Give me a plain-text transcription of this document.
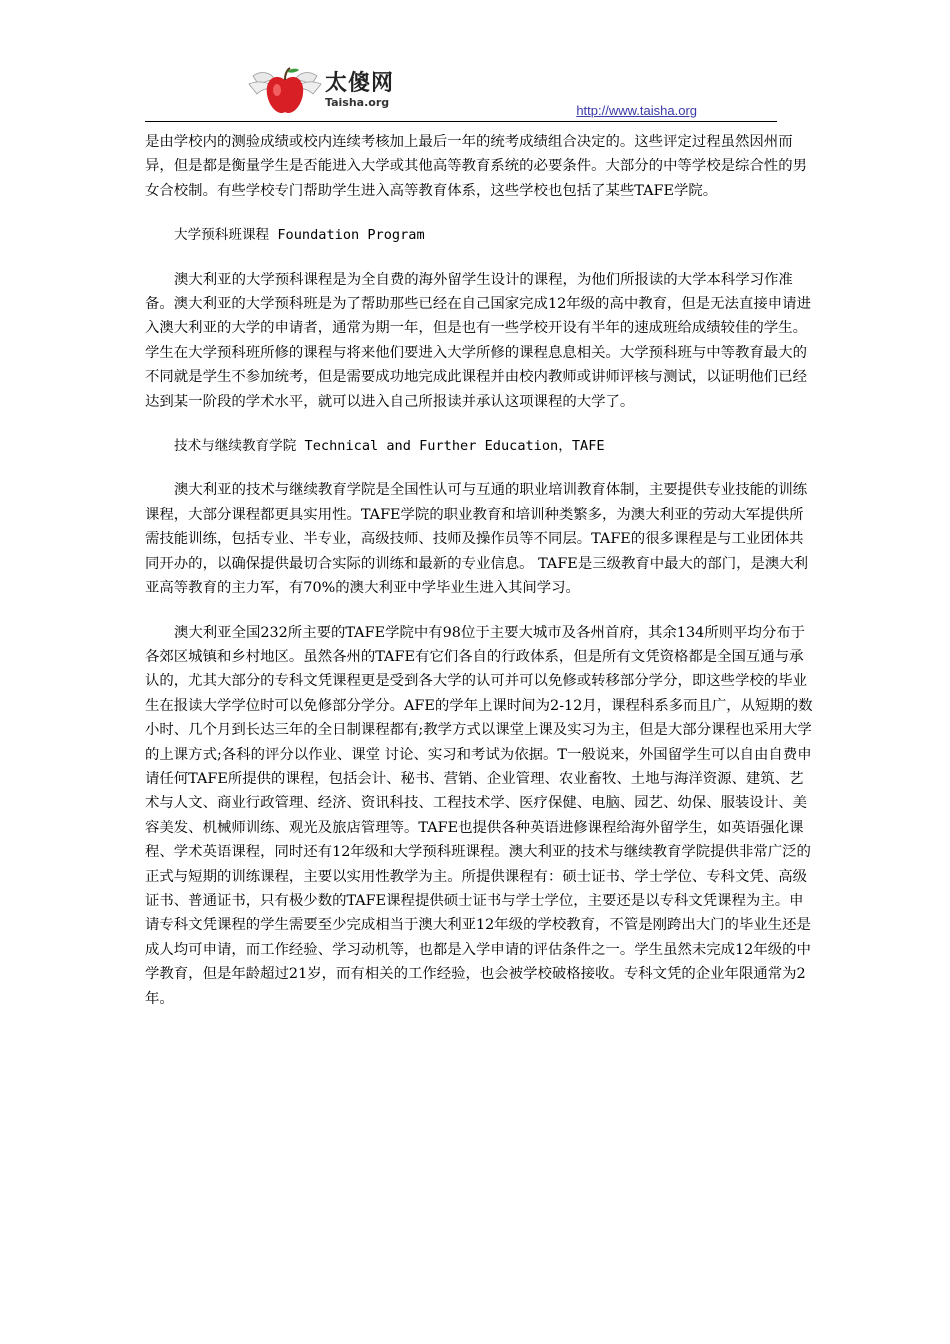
太傻网
Taisha.org
http://www.taisha.org

是由学校内的测验成绩或校内连续考核加上最后一年的统考成绩组合决定的。这些评定过程虽然因州而异，但是都是衡量学生是否能进入大学或其他高等教育系统的必要条件。大部分的中等学校是综合性的男女合校制。有些学校专门帮助学生进入高等教育体系，这些学校也包括了某些TAFE学院。

大学预科班课程 Foundation Program

澳大利亚的大学预科课程是为全自费的海外留学生设计的课程，为他们所报读的大学本科学习作准备。澳大利亚的大学预科班是为了帮助那些已经在自己国家完成12年级的高中教育，但是无法直接申请进入澳大利亚的大学的申请者，通常为期一年，但是也有一些学校开设有半年的速成班给成绩较佳的学生。学生在大学预科班所修的课程与将来他们要进入大学所修的课程息息相关。大学预科班与中等教育最大的不同就是学生不参加统考，但是需要成功地完成此课程并由校内教师或讲师评核与测试，以证明他们已经达到某一阶段的学术水平，就可以进入自己所报读并承认这项课程的大学了。

技术与继续教育学院 Technical and Further Education，TAFE

澳大利亚的技术与继续教育学院是全国性认可与互通的职业培训教育体制，主要提供专业技能的训练课程，大部分课程都更具实用性。TAFE学院的职业教育和培训种类繁多，为澳大利亚的劳动大军提供所需技能训练，包括专业、半专业，高级技师、技师及操作员等不同层。TAFE的很多课程是与工业团体共同开办的，以确保提供最切合实际的训练和最新的专业信息。 TAFE是三级教育中最大的部门，是澳大利亚高等教育的主力军，有70%的澳大利亚中学毕业生进入其间学习。

澳大利亚全国232所主要的TAFE学院中有98位于主要大城市及各州首府，其余134所则平均分布于各郊区城镇和乡村地区。虽然各州的TAFE有它们各自的行政体系，但是所有文凭资格都是全国互通与承认的，尤其大部分的专科文凭课程更是受到各大学的认可并可以免修或转移部分学分，即这些学校的毕业生在报读大学学位时可以免修部分学分。AFE的学年上课时间为2-12月，课程科系多而且广，从短期的数小时、几个月到长达三年的全日制课程都有;教学方式以课堂上课及实习为主，但是大部分课程也采用大学的上课方式;各科的评分以作业、课堂 讨论、实习和考试为依据。T一般说来，外国留学生可以自由自费申请任何TAFE所提供的课程，包括会计、秘书、营销、企业管理、农业畜牧、土地与海洋资源、建筑、艺术与人文、商业行政管理、经济、资讯科技、工程技术学、医疗保健、电脑、园艺、幼保、服装设计、美容美发、机械师训练、观光及旅店管理等。TAFE也提供各种英语进修课程给海外留学生，如英语强化课程、学术英语课程，同时还有12年级和大学预科班课程。澳大利亚的技术与继续教育学院提供非常广泛的正式与短期的训练课程，主要以实用性教学为主。所提供课程有：硕士证书、学士学位、专科文凭、高级证书、普通证书，只有极少数的TAFE课程提供硕士证书与学士学位，主要还是以专科文凭课程为主。申请专科文凭课程的学生需要至少完成相当于澳大利亚12年级的学校教育，不管是刚跨出大门的毕业生还是成人均可申请，而工作经验、学习动机等，也都是入学申请的评估条件之一。学生虽然未完成12年级的中学教育，但是年龄超过21岁，而有相关的工作经验，也会被学校破格接收。专科文凭的企业年限通常为2年。
